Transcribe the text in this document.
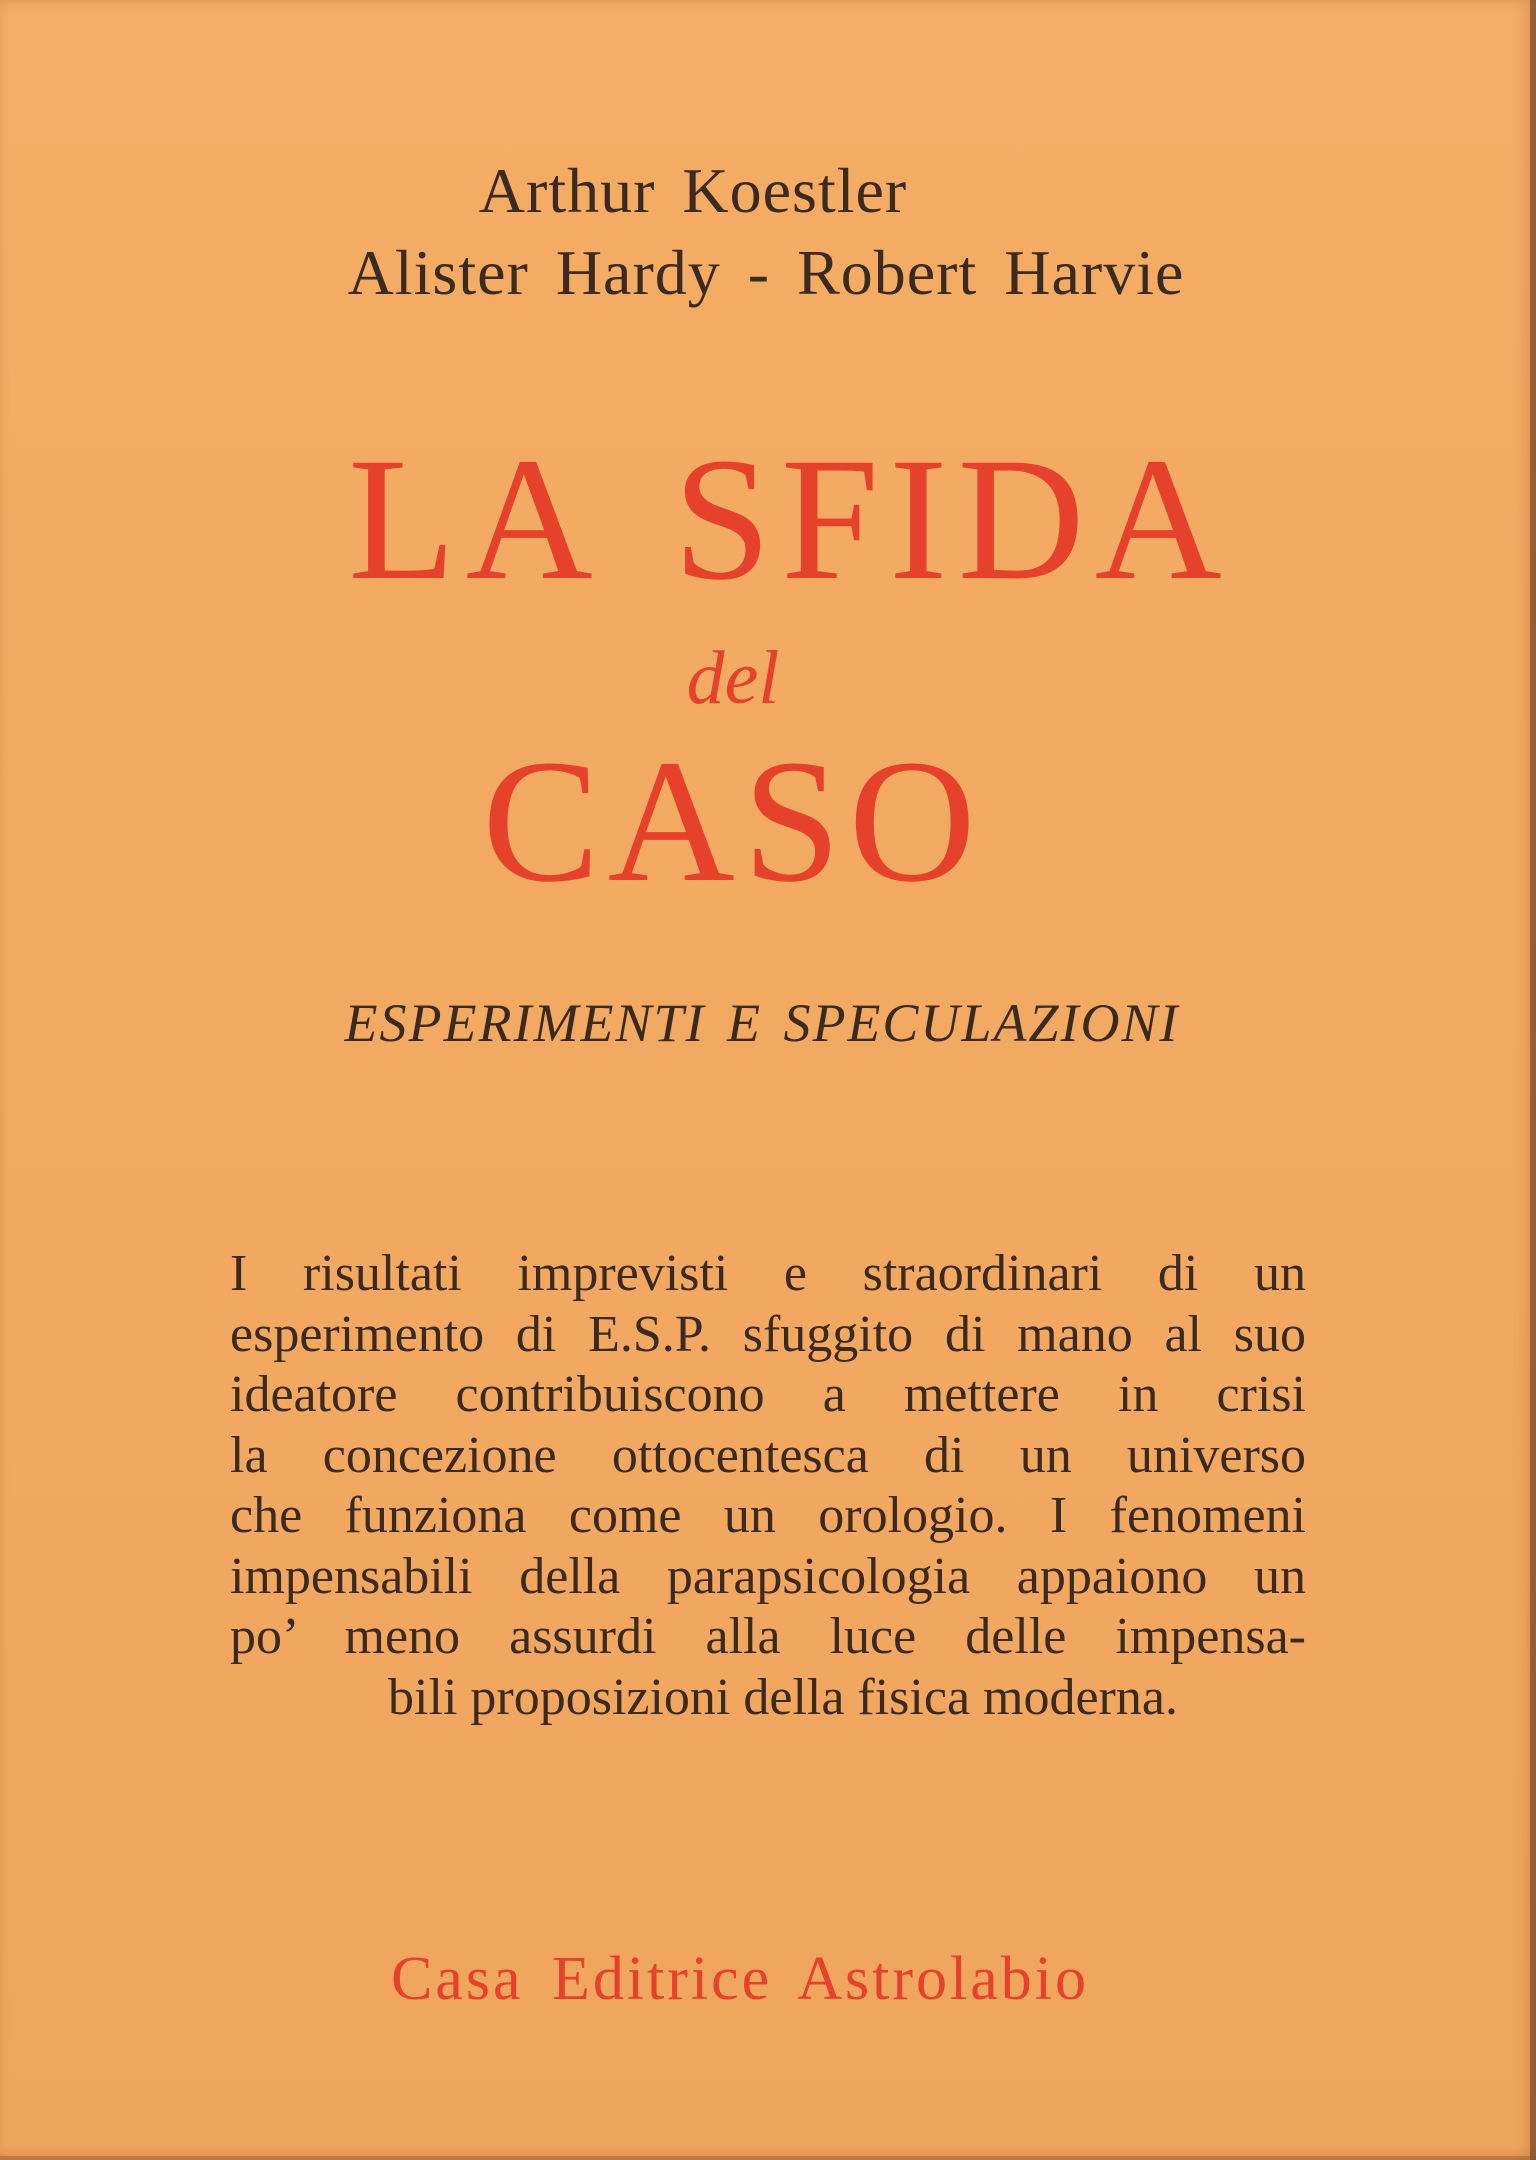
Arthur Koestler
Alister Hardy - Robert Harvie
LA SFIDA
del
CASO
ESPERIMENTI E SPECULAZIONI
I risultati imprevisti e straordinari di un
esperimento di E.S.P. sfuggito di mano al suo
ideatore contribuiscono a mettere in crisi
la concezione ottocentesca di un universo
che funziona come un orologio. I fenomeni
impensabili della parapsicologia appaiono un
po’ meno assurdi alla luce delle impensa-
bili proposizioni della fisica moderna.
Casa Editrice Astrolabio
